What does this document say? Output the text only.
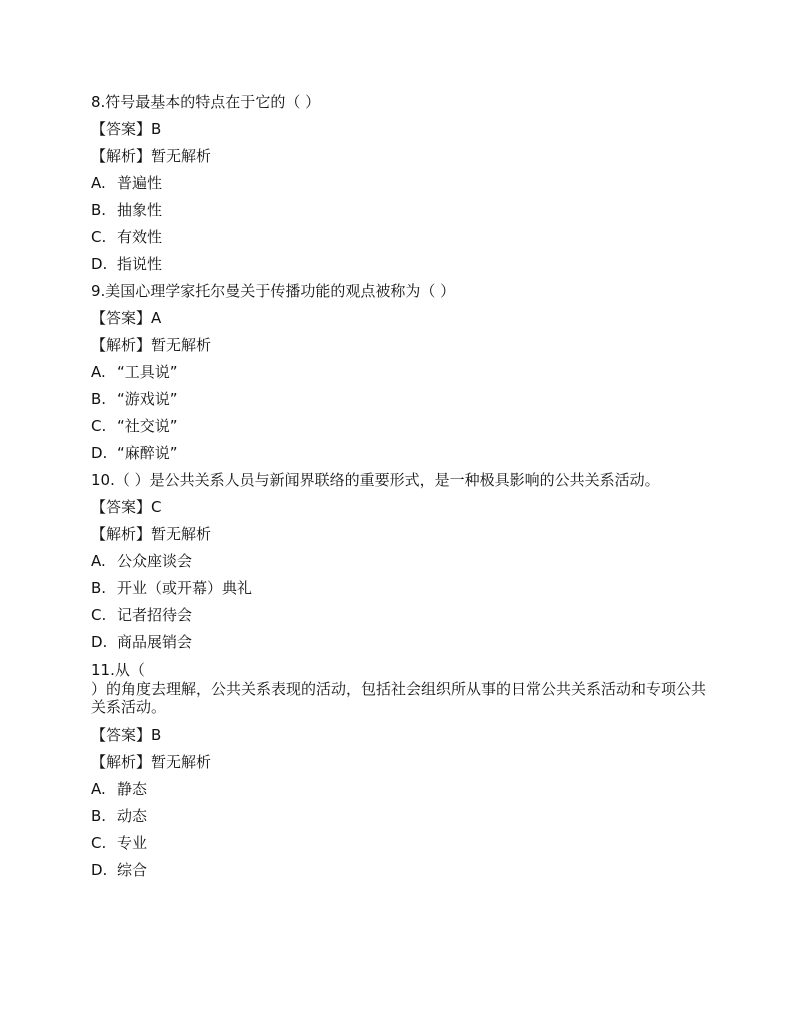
8.符号最基本的特点在于它的（ ）
【答案】B
【解析】暂无解析
A. 普遍性
B. 抽象性
C. 有效性
D. 指说性
9.美国心理学家托尔曼关于传播功能的观点被称为（ ）
【答案】A
【解析】暂无解析
A. “工具说”
B. “游戏说”
C. “社交说”
D. “麻醉说”
10.（ ）是公共关系人员与新闻界联络的重要形式，是一种极具影响的公共关系活动。
【答案】C
【解析】暂无解析
A. 公众座谈会
B. 开业（或开幕）典礼
C. 记者招待会
D. 商品展销会
11.从（
）的角度去理解，公共关系表现的活动，包括社会组织所从事的日常公共关系活动和专项公共关系活动。
【答案】B
【解析】暂无解析
A. 静态
B. 动态
C. 专业
D. 综合
